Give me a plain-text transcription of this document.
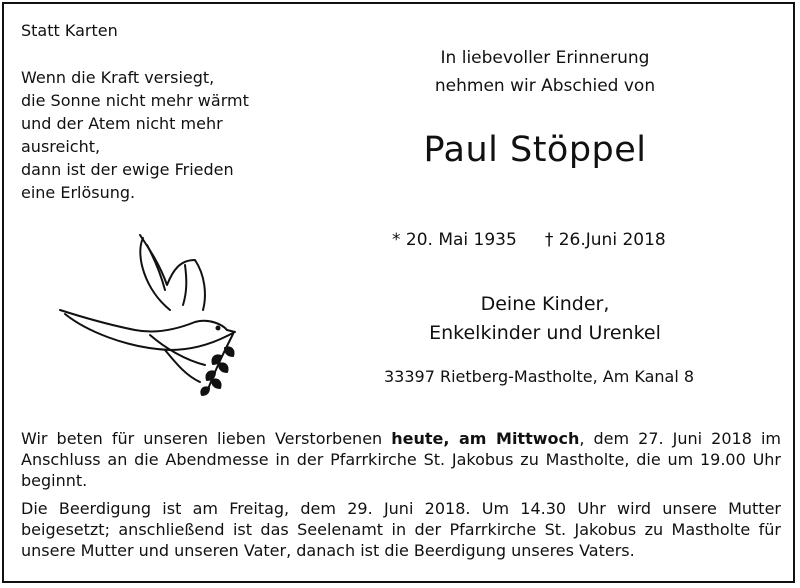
Statt Karten
Wenn die Kraft versiegt,
die Sonne nicht mehr wärmt
und der Atem nicht mehr
ausreicht,
dann ist der ewige Frieden
eine Erlösung.
In liebevoller Erinnerung
nehmen wir Abschied von
Paul Stöppel
* 20. Mai 1935 † 26.Juni 2018
Deine Kinder,
Enkelkinder und Urenkel
33397 Rietberg-Mastholte, Am Kanal 8
Wir beten für unseren lieben Verstorbenen heute, am Mittwoch, dem 27. Juni 2018 im Anschluss an die Abendmesse in der Pfarrkirche St. Jakobus zu Mastholte, die um 19.00 Uhr beginnt.
Die Beerdigung ist am Freitag, dem 29. Juni 2018. Um 14.30 Uhr wird unsere Mutter beigesetzt; anschließend ist das Seelenamt in der Pfarrkirche St. Jakobus zu Mastholte für unsere Mutter und unseren Vater, danach ist die Beerdigung unseres Vaters.
